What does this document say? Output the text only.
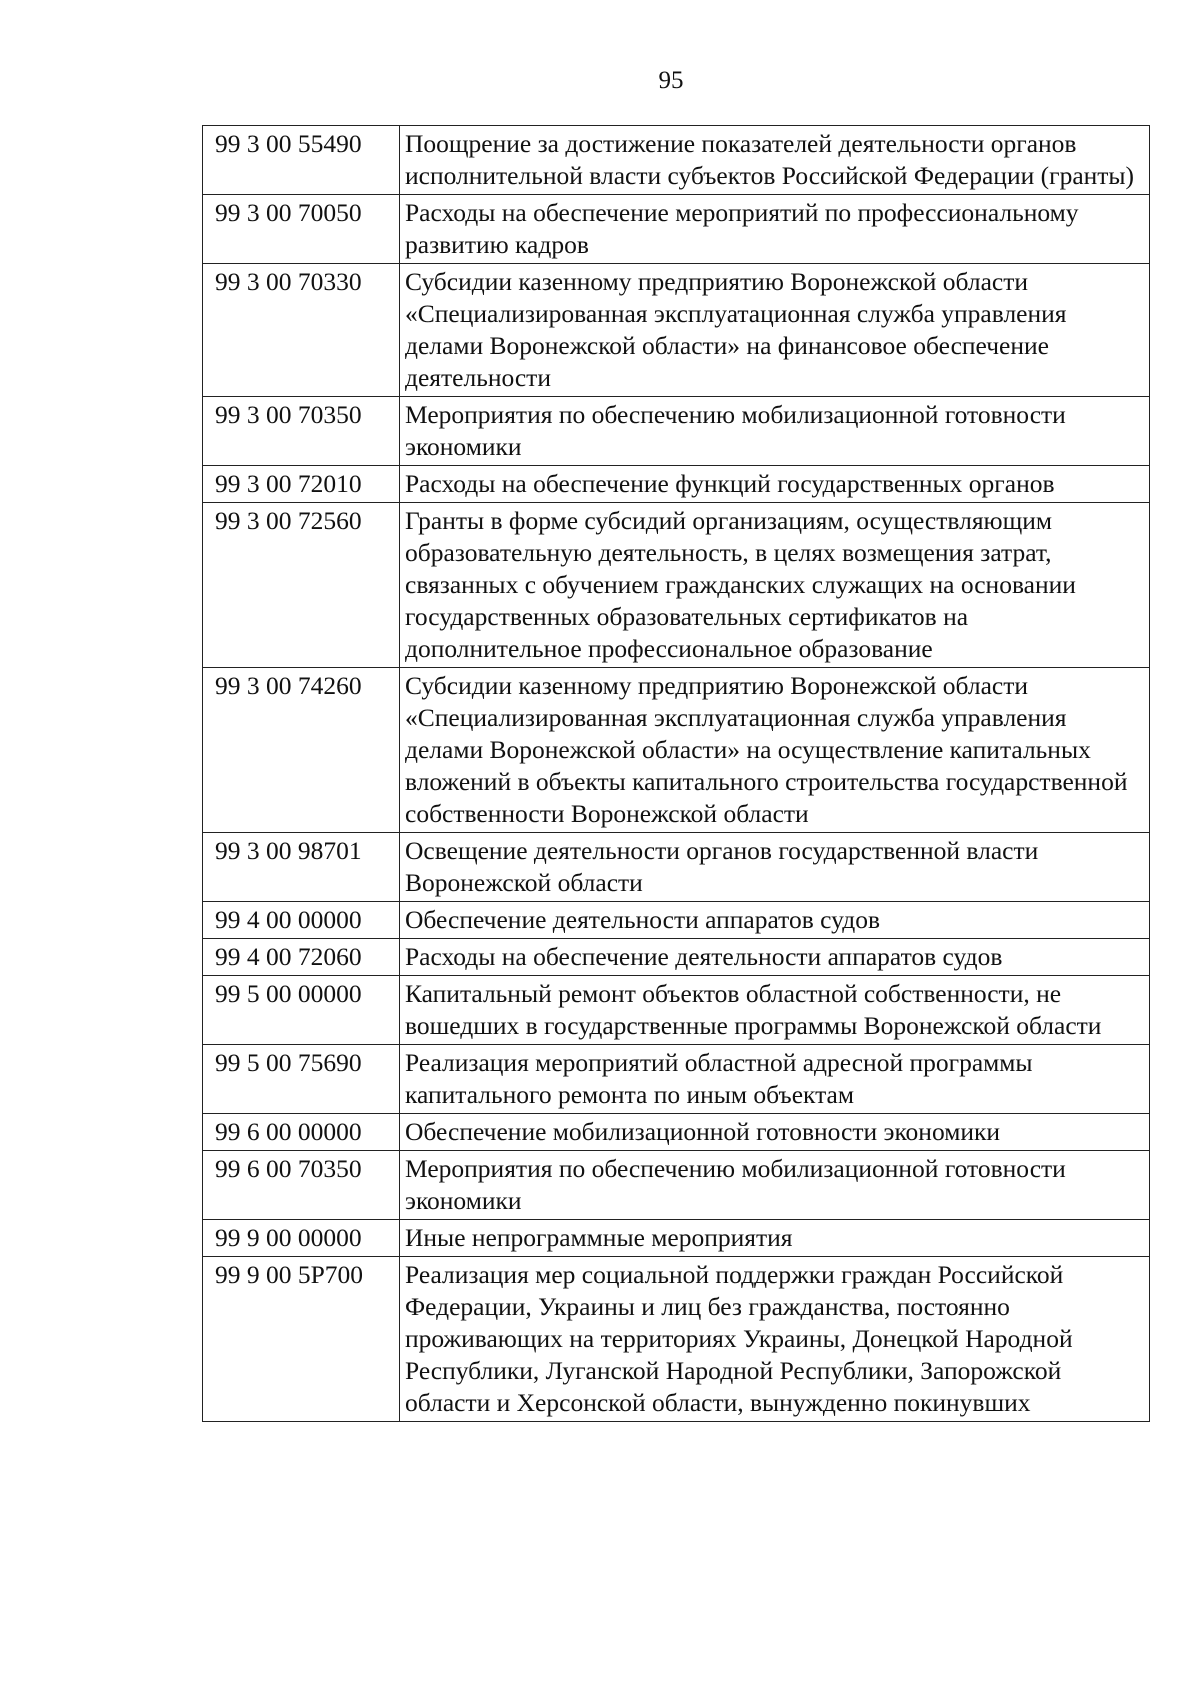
95
99 3 00 55490	Поощрение за достижение показателей деятельности органов исполнительной власти субъектов Российской Федерации (гранты)
99 3 00 70050	Расходы на обеспечение мероприятий по профессиональному развитию кадров
99 3 00 70330	Субсидии казенному предприятию Воронежской области «Специализированная эксплуатационная служба управления делами Воронежской области» на финансовое обеспечение деятельности
99 3 00 70350	Мероприятия по обеспечению мобилизационной готовности экономики
99 3 00 72010	Расходы на обеспечение функций государственных органов
99 3 00 72560	Гранты в форме субсидий организациям, осуществляющим образовательную деятельность, в целях возмещения затрат, связанных с обучением гражданских служащих на основании государственных образовательных сертификатов на дополнительное профессиональное образование
99 3 00 74260	Субсидии казенному предприятию Воронежской области «Специализированная эксплуатационная служба управления делами Воронежской области» на осуществление капитальных вложений в объекты капитального строительства государственной собственности Воронежской области
99 3 00 98701	Освещение деятельности органов государственной власти Воронежской области
99 4 00 00000	Обеспечение деятельности аппаратов судов
99 4 00 72060	Расходы на обеспечение деятельности аппаратов судов
99 5 00 00000	Капитальный ремонт объектов областной собственности, не вошедших в государственные программы Воронежской области
99 5 00 75690	Реализация мероприятий областной адресной программы капитального ремонта по иным объектам
99 6 00 00000	Обеспечение мобилизационной готовности экономики
99 6 00 70350	Мероприятия по обеспечению мобилизационной готовности экономики
99 9 00 00000	Иные непрограммные мероприятия
99 9 00 5P700	Реализация мер социальной поддержки граждан Российской Федерации, Украины и лиц без гражданства, постоянно проживающих на территориях Украины, Донецкой Народной Республики, Луганской Народной Республики, Запорожской области и Херсонской области, вынужденно покинувших
